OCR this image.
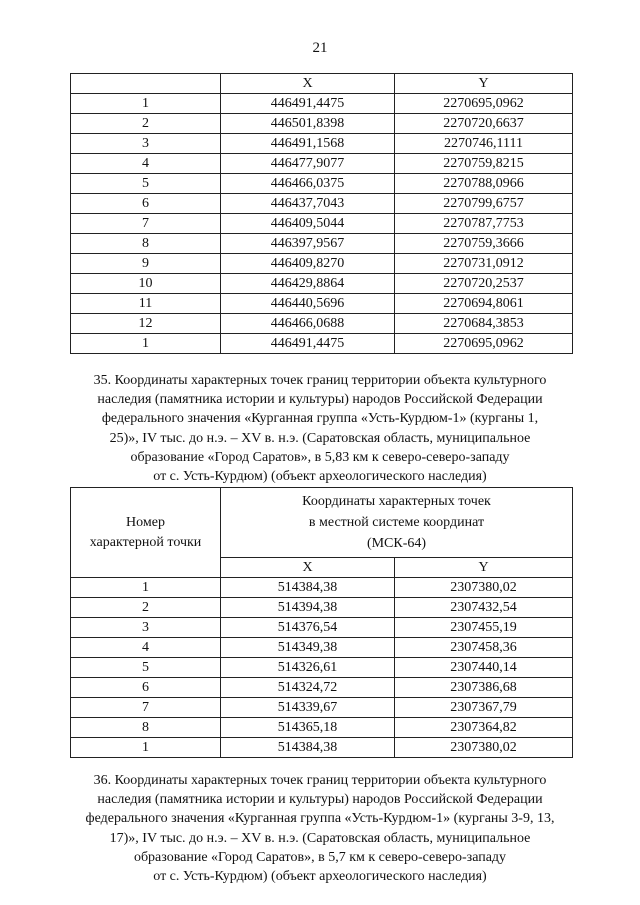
21
	X	Y
1	446491,4475	2270695,0962
2	446501,8398	2270720,6637
3	446491,1568	2270746,1111
4	446477,9077	2270759,8215
5	446466,0375	2270788,0966
6	446437,7043	2270799,6757
7	446409,5044	2270787,7753
8	446397,9567	2270759,3666
9	446409,8270	2270731,0912
10	446429,8864	2270720,2537
11	446440,5696	2270694,8061
12	446466,0688	2270684,3853
1	446491,4475	2270695,0962
35. Координаты характерных точек границ территории объекта культурного
наследия (памятника истории и культуры) народов Российской Федерации
федерального значения «Курганная группа «Усть-Курдюм-1» (курганы 1,
25)», IV тыс. до н.э. – XV в. н.э. (Саратовская область, муниципальное
образование «Город Саратов», в 5,83 км к северо-северо-западу
от с. Усть-Курдюм) (объект археологического наследия)
Номер
характерной точки	Координаты характерных точек
в местной системе координат
(МСК-64)	

	X	Y
1	514384,38	2307380,02
2	514394,38	2307432,54
3	514376,54	2307455,19
4	514349,38	2307458,36
5	514326,61	2307440,14
6	514324,72	2307386,68
7	514339,67	2307367,79
8	514365,18	2307364,82
1	514384,38	2307380,02
36. Координаты характерных точек границ территории объекта культурного
наследия (памятника истории и культуры) народов Российской Федерации
федерального значения «Курганная группа «Усть-Курдюм-1» (курганы 3-9, 13,
17)», IV тыс. до н.э. – XV в. н.э. (Саратовская область, муниципальное
образование «Город Саратов», в 5,7 км к северо-северо-западу
от с. Усть-Курдюм) (объект археологического наследия)
